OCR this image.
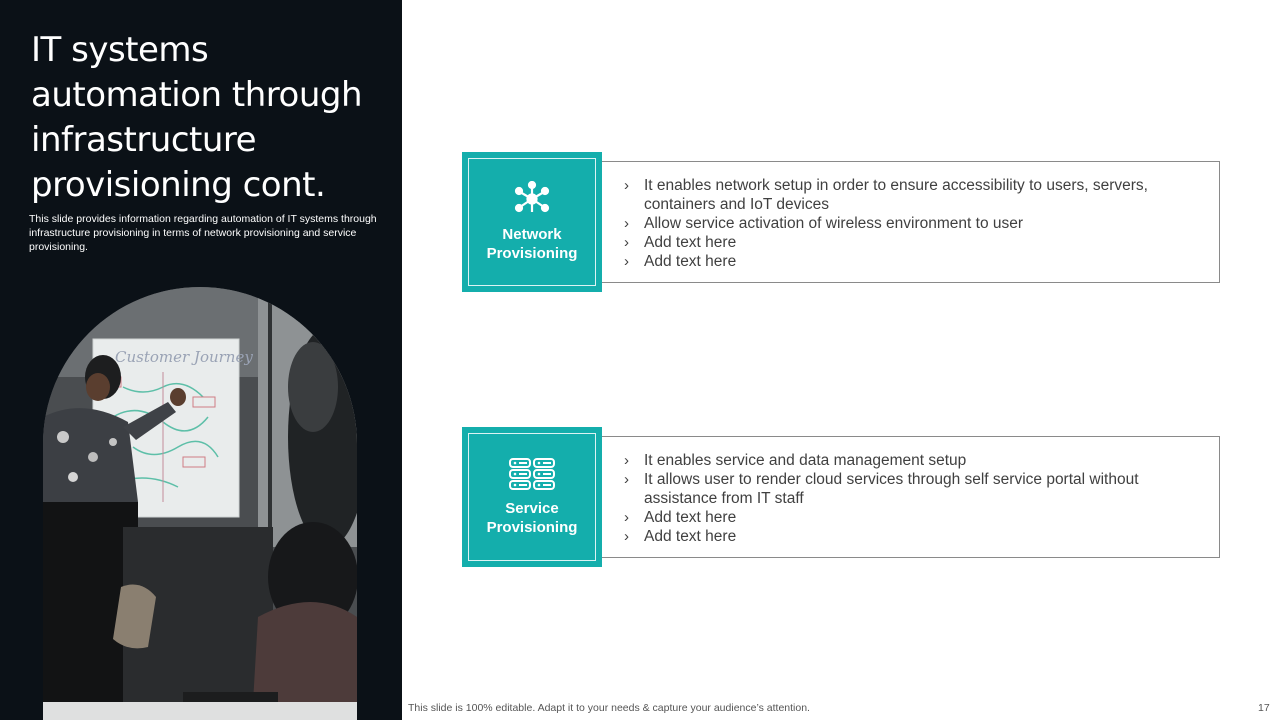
IT systems
automation through
infrastructure
provisioning cont.

This slide provides information regarding automation of IT systems through infrastructure provisioning in terms of network provisioning and service provisioning.

Customer Journey
Network
Provisioning
› It enables network setup in order to ensure accessibility to users, servers,
containers and IoT devices
› Allow service activation of wireless environment to user
› Add text here
› Add text here
Service
Provisioning
› It enables service and data management setup
› It allows user to render cloud services through self service portal without
assistance from IT staff
› Add text here
› Add text here
This slide is 100% editable. Adapt it to your needs & capture your audience’s attention.	17
